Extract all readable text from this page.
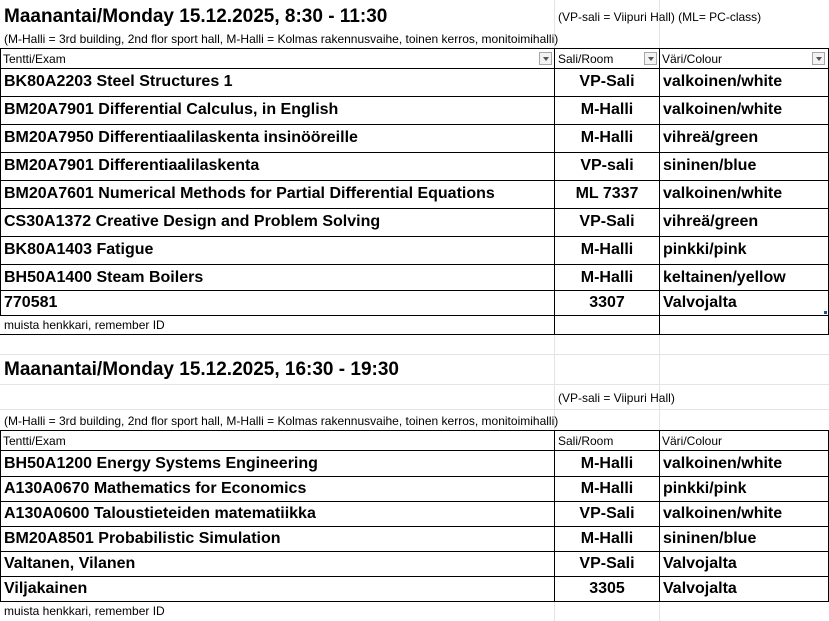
Maanantai/Monday 15.12.2025, 8:30 - 11:30	(VP-sali = Viipuri Hall) (ML= PC-class)
(M-Halli = 3rd building, 2nd flor sport hall, M-Halli = Kolmas rakennusvaihe, toinen kerros, monitoimihalli)
Tentti/Exam	Sali/Room	Väri/Colour
BK80A2203 Steel Structures 1	VP-Sali	valkoinen/white
BM20A7901 Differential Calculus, in English	M-Halli	valkoinen/white
BM20A7950 Differentiaalilaskenta insinööreille	M-Halli	vihreä/green
BM20A7901 Differentiaalilaskenta	VP-sali	sininen/blue
BM20A7601 Numerical Methods for Partial Differential Equations	ML 7337	valkoinen/white
CS30A1372 Creative Design and Problem Solving	VP-Sali	vihreä/green
BK80A1403 Fatigue	M-Halli	pinkki/pink
BH50A1400 Steam Boilers	M-Halli	keltainen/yellow
770581	3307	Valvojalta
muista henkkari, remember ID
Maanantai/Monday 15.12.2025, 16:30 - 19:30
(VP-sali = Viipuri Hall)
(M-Halli = 3rd building, 2nd flor sport hall, M-Halli = Kolmas rakennusvaihe, toinen kerros, monitoimihalli)
Tentti/Exam	Sali/Room	Väri/Colour
BH50A1200 Energy Systems Engineering	M-Halli	valkoinen/white
A130A0670 Mathematics for Economics	M-Halli	pinkki/pink
A130A0600 Taloustieteiden matematiikka	VP-Sali	valkoinen/white
BM20A8501 Probabilistic Simulation	M-Halli	sininen/blue
Valtanen, Vilanen	VP-Sali	Valvojalta
Viljakainen	3305	Valvojalta
muista henkkari, remember ID
